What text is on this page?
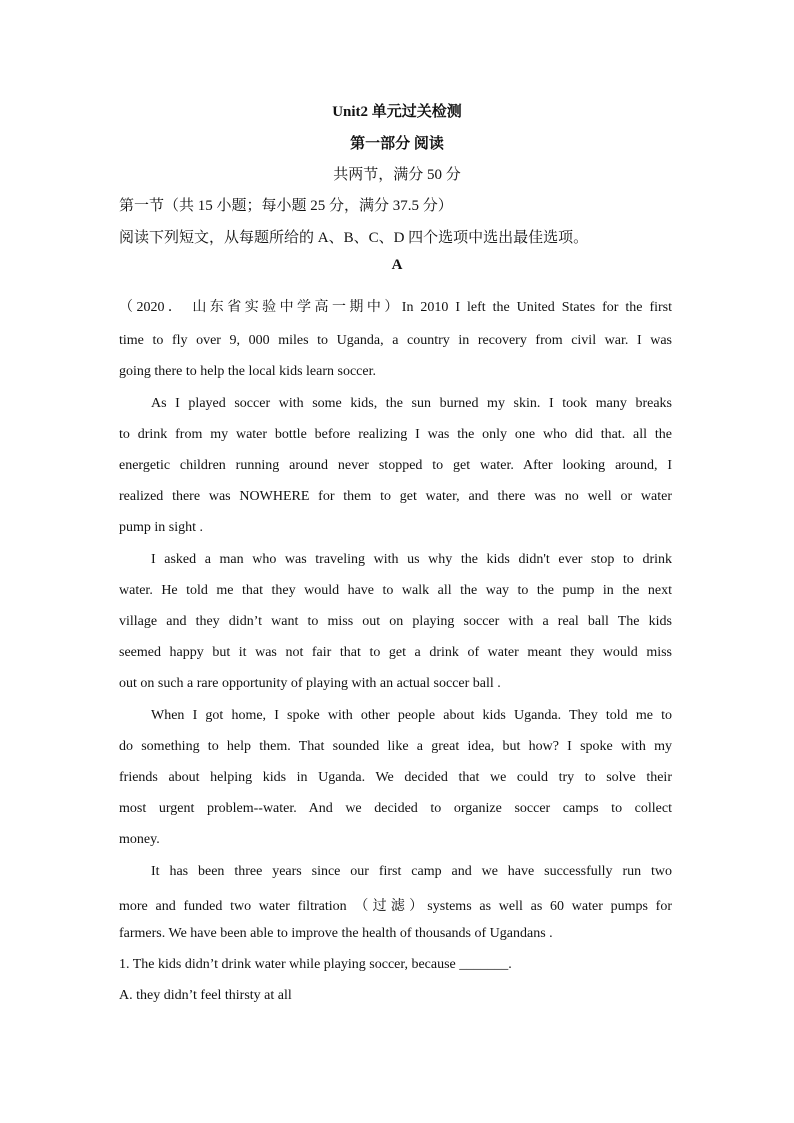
Unit2 单元过关检测
第一部分 阅读
共两节，满分 50 分
第一节（共 15 小题；每小题 25 分，满分 37.5 分）
阅读下列短文，从每题所给的 A、B、C、D 四个选项中选出最佳选项。
A
（2020． 山东省实验中学高一期中）In 2010 I left the United States for the first
time to fly over 9, 000 miles to Uganda, a country in recovery from civil war. I was
going there to help the local kids learn soccer.
As I played soccer with some kids, the sun burned my skin. I took many breaks
to drink from my water bottle before realizing I was the only one who did that. all the
energetic children running around never stopped to get water. After looking around, I
realized there was NOWHERE for them to get water, and there was no well or water
pump in sight .
I asked a man who was traveling with us why the kids didn't ever stop to drink
water. He told me that they would have to walk all the way to the pump in the next
village and they didn’t want to miss out on playing soccer with a real ball The kids
seemed happy but it was not fair that to get a drink of water meant they would miss
out on such a rare opportunity of playing with an actual soccer ball .
When I got home, I spoke with other people about kids Uganda. They told me to
do something to help them. That sounded like a great idea, but how? I spoke with my
friends about helping kids in Uganda. We decided that we could try to solve their
most urgent problem--water. And we decided to organize soccer camps to collect
money.
It has been three years since our first camp and we have successfully run two
more and funded two water filtration （过滤）systems as well as 60 water pumps for
farmers. We have been able to improve the health of thousands of Ugandans .
1. The kids didn’t drink water while playing soccer, because _______.
A. they didn’t feel thirsty at all
